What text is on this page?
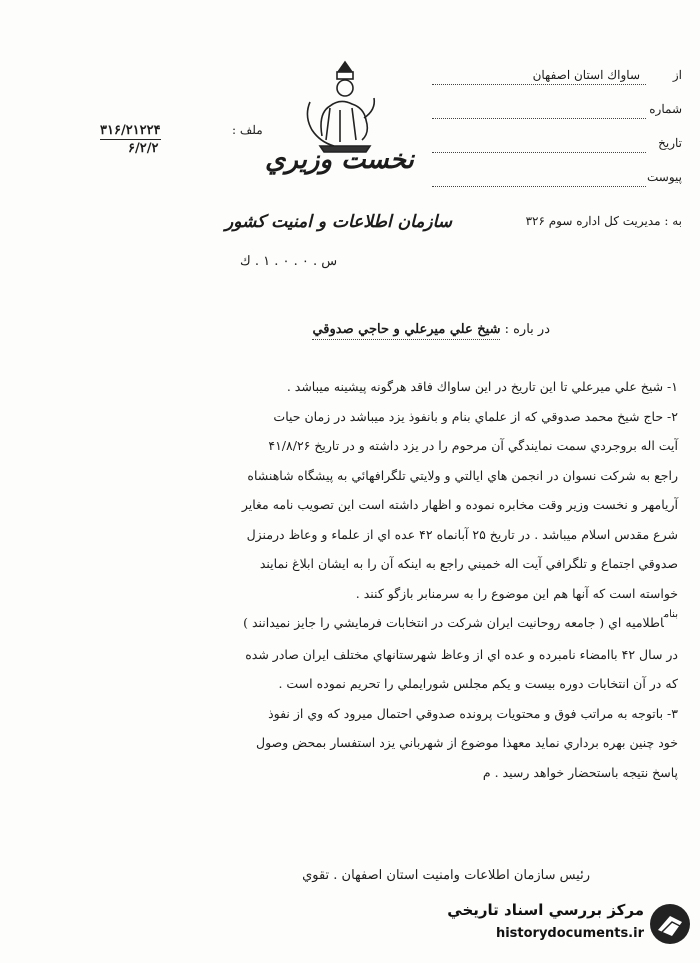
نخست وزيري
سازمان اطلاعات و امنيت كشور
س . ۰ . ۰ . ۱ . ك
ملف :
۳۱۶/۲۱۲۲۴
۶/۲/۲
از
ساواك استان اصفهان
شماره
تاريخ
پيوست
به : مديريت كل اداره سوم ۳۲۶
در باره : شيخ علي ميرعلي و حاجي صدوقي

۱- شيخ علي ميرعلي تا اين تاريخ در اين ساواك فاقد هرگونه پيشينه ميباشد .

۲- حاج شيخ محمد صدوقي كه از علماي بنام و بانفوذ يزد ميباشد در زمان حيات

آيت اله بروجردي سمت نمايندگي آن مرحوم را در يزد داشته و در تاريخ ۴۱/۸/۲۶

راجع به شركت نسوان در انجمن هاي ايالتي و ولايتي تلگرافهائي به پيشگاه شاهنشاه

آريامهر و نخست وزير وقت مخابره نموده و اظهار داشته است اين تصويب نامه مغاير

شرع مقدس اسلام ميباشد . در تاريخ ۲۵ آبانماه ۴۲ عده اي از علماء و وعاظ درمنزل

صدوقي اجتماع و تلگرافي آيت اله خميني راجع به اينكه آن را به ايشان ابلاغ نمايند

خواسته است كه آنها هم اين موضوع را به سرمنابر بازگو كنند .

$^{بنام}$اطلاميه اي ( جامعه روحانيت ايران شركت در انتخابات فرمايشي را جايز نميدانند )

در سال ۴۲ باامضاء نامبرده و عده اي از وعاظ شهرستانهاي مختلف ايران صادر شده

كه در آن انتخابات دوره بيست و يكم مجلس شورايملي را تحريم نموده است .

۳- باتوجه به مراتب فوق و محتويات پرونده صدوقي احتمال ميرود كه وي از نفوذ

خود چنين بهره برداري نمايد معهذا موضوع از شهرباني يزد استفسار بمحض وصول

پاسخ نتيجه باستحضار خواهد رسيد . م

رئيس سازمان اطلاعات وامنيت استان اصفهان . تقوي
مركز بررسي اسناد تاريخي
historydocuments.ir
